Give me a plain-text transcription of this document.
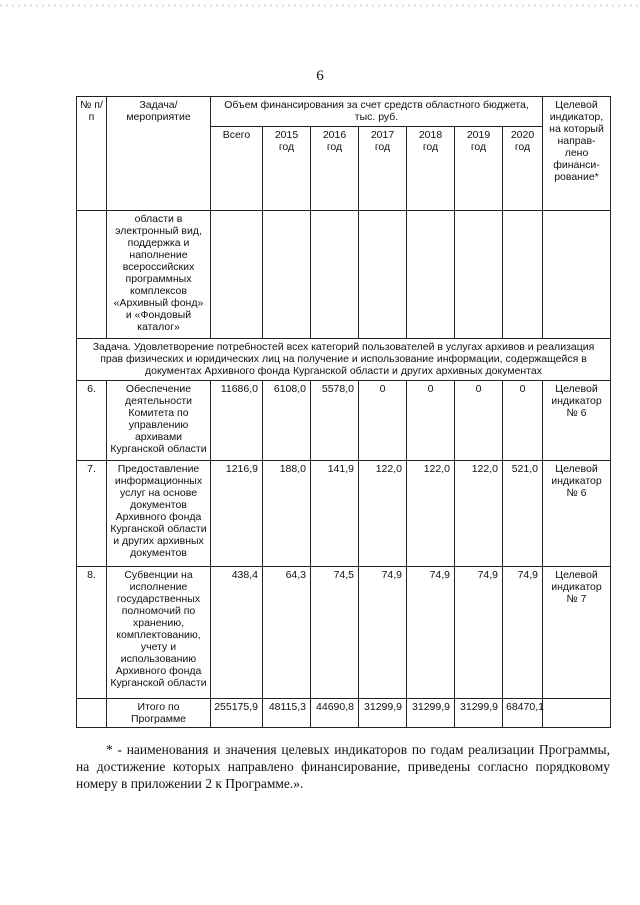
6
№ п/п	Задача/ мероприятие	Объем финансирования за счет средств областного бюджета, тыс. руб.							Целевой индикатор, на который направ-лено финанси-рование*
		Всего	2015 год	2016 год	2017 год	2018 год	2019 год	2020 год	
	области в электронный вид, поддержка и наполнение всероссийских программных комплексов «Архивный фонд» и «Фондовый каталог»								
Задача. Удовлетворение потребностей всех категорий пользователей в услугах архивов и реализация прав физических и юридических лиц на получение и использование информации, содержащейся в документах Архивного фонда Курганской области и других архивных документах									
6.	Обеспечение деятельности Комитета по управлению архивами Курганской области	11686,0	6108,0	5578,0	0	0	0	0	Целевой индикатор № 6
7.	Предоставление информационных услуг на основе документов Архивного фонда Курганской области и других архивных документов	1216,9	188,0	141,9	122,0	122,0	122,0	521,0	Целевой индикатор № 6
8.	Субвенции на исполнение государственных полномочий по хранению, комплектованию, учету и использованию Архивного фонда Курганской области	438,4	64,3	74,5	74,9	74,9	74,9	74,9	Целевой индикатор № 7
	Итого по Программе	255175,9	48115,3	44690,8	31299,9	31299,9	31299,9	68470,1	
* - наименования и значения целевых индикаторов по годам реализации Программы, на достижение которых направлено финансирование, приведены согласно порядковому номеру в приложении 2 к Программе.».
